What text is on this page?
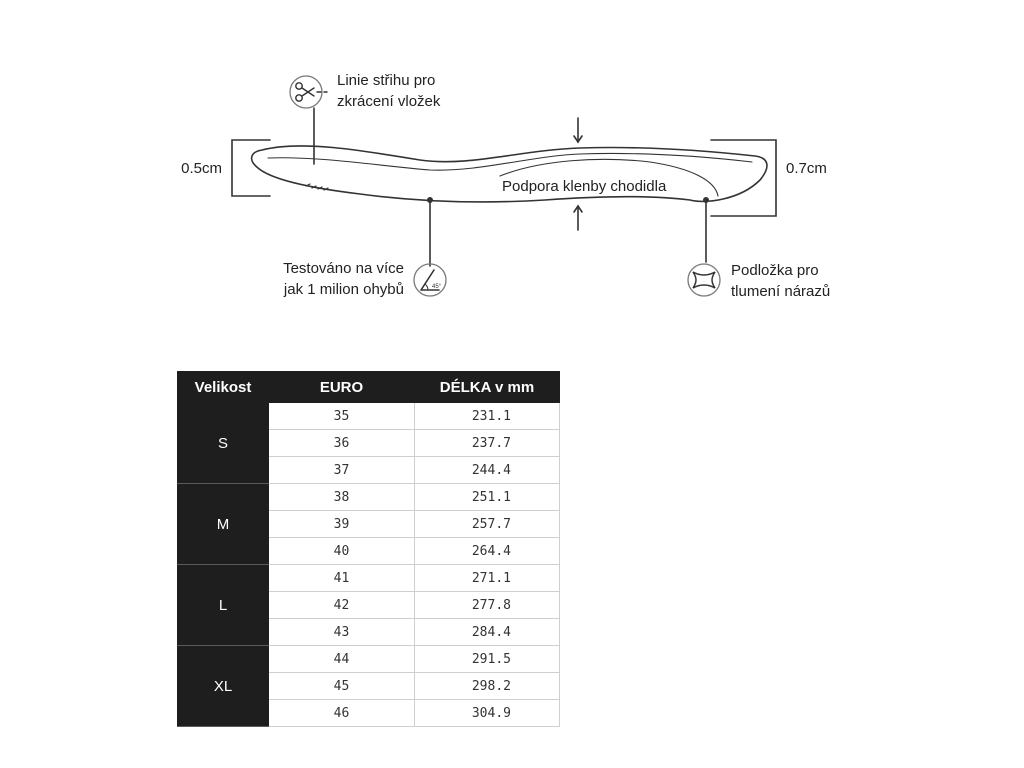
45°
0.5cm	0.7cm
Podpora klenby chodidla
Linie střihu pro
zkrácení vložek
Testováno na více
jak 1 milion ohybů
Podložka pro
tlumení nárazů
Velikost	EURO	DÉLKA v mm
S	35	231.1
	36	237.7
	37	244.4
M	38	251.1
	39	257.7
	40	264.4
L	41	271.1
	42	277.8
	43	284.4
XL	44	291.5
	45	298.2
	46	304.9
